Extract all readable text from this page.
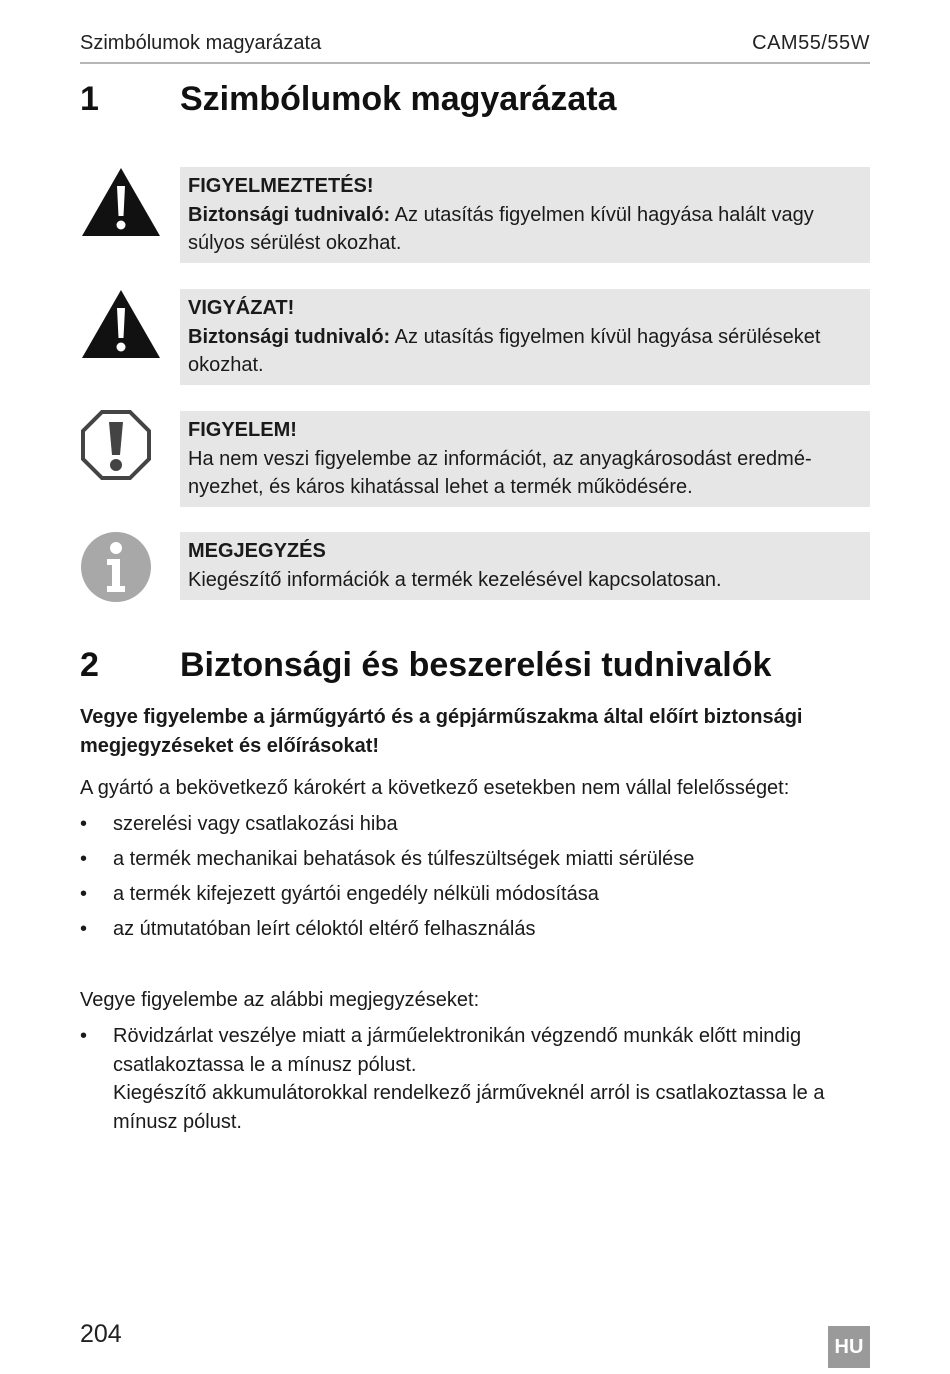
Szimbólumok magyarázata	CAM55/55W
1 Szimbólumok magyarázata
FIGYELMEZTETÉS!
Biztonsági tudnivaló: Az utasítás figyelmen kívül hagyása halált vagy súlyos sérülést okozhat.
VIGYÁZAT!
Biztonsági tudnivaló: Az utasítás figyelmen kívül hagyása sérüléseket okozhat.
FIGYELEM!
Ha nem veszi figyelembe az információt, az anyagkárosodást eredményezhet, és káros kihatással lehet a termék működésére.
MEGJEGYZÉS
Kiegészítő információk a termék kezelésével kapcsolatosan.
2 Biztonsági és beszerelési tudnivalók
Vegye figyelembe a járműgyártó és a gépjárműszakma által előírt biztonsági megjegyzéseket és előírásokat!
A gyártó a bekövetkező károkért a következő esetekben nem vállal felelősséget:
• szerelési vagy csatlakozási hiba
• a termék mechanikai behatások és túlfeszültségek miatti sérülése
• a termék kifejezett gyártói engedély nélküli módosítása
• az útmutatóban leírt céloktól eltérő felhasználás
Vegye figyelembe az alábbi megjegyzéseket:
• Rövidzárlat veszélye miatt a járműelektronikán végzendő munkák előtt mindig csatlakoztassa le a mínusz pólust.
Kiegészítő akkumulátorokkal rendelkező járműveknél arról is csatlakoztassa le a mínusz pólust.
204	HU
